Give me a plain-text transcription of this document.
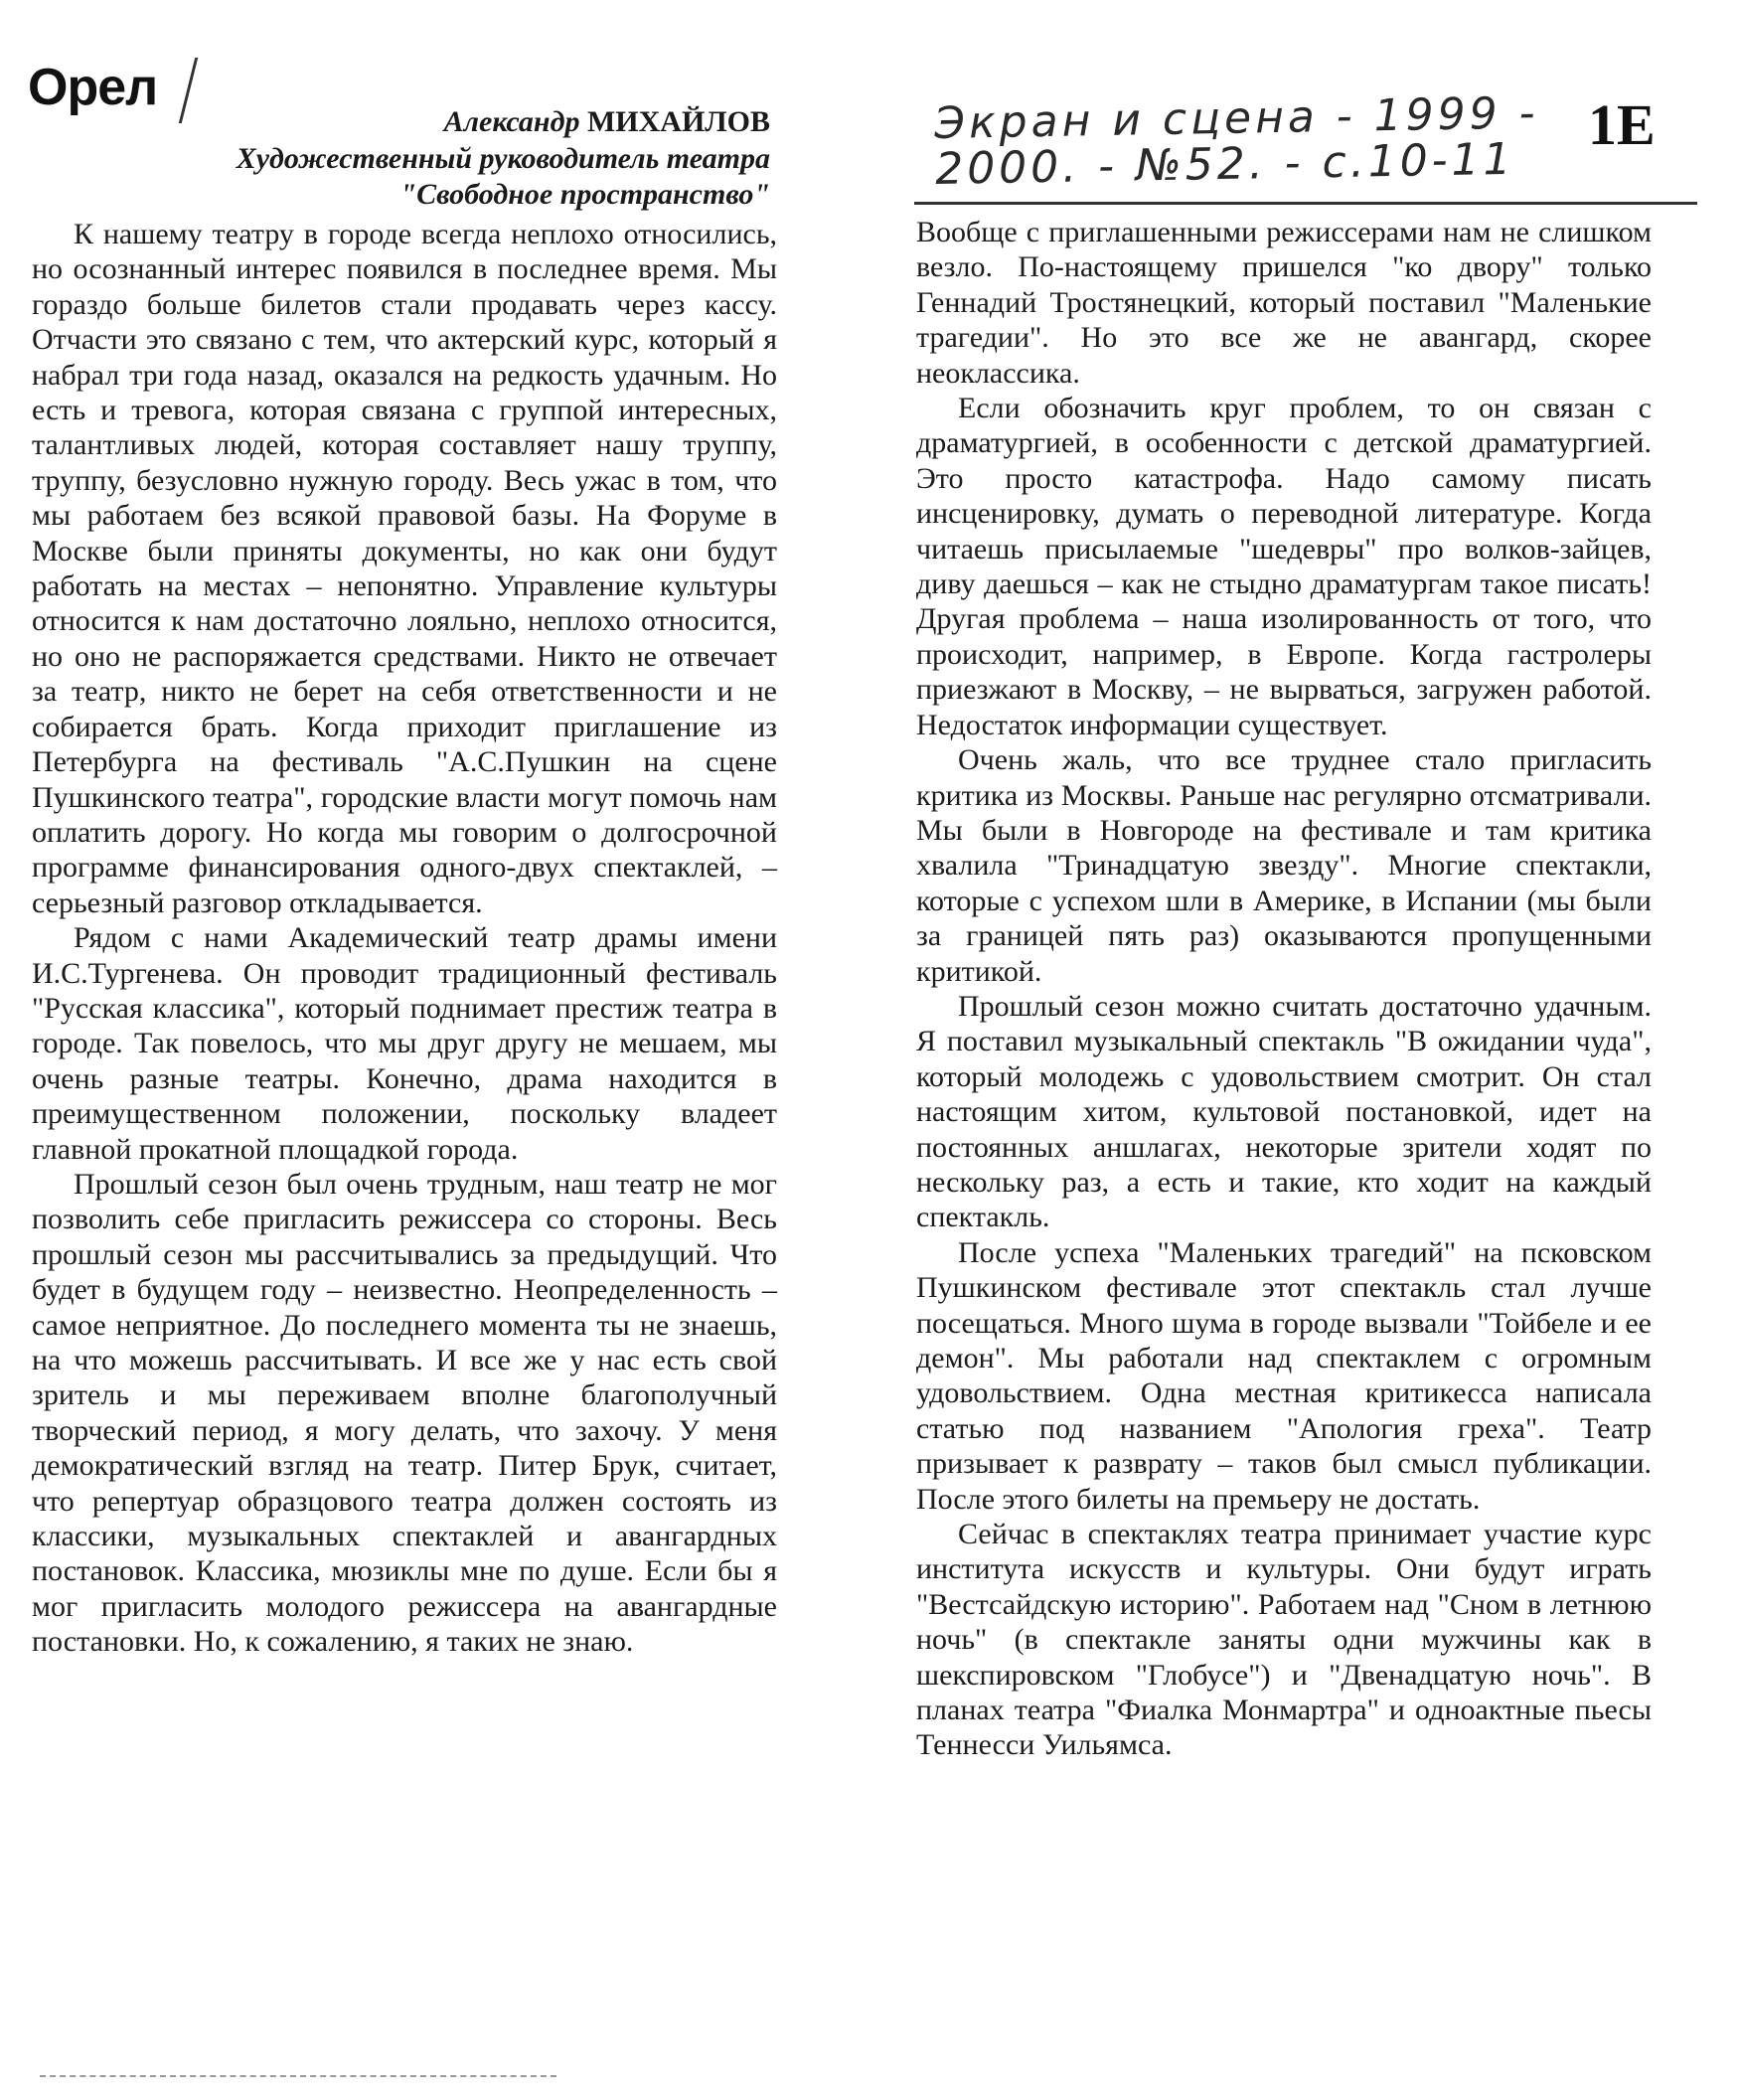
Орел
Александр МИХАЙЛОВ
Художественный руководитель театра
"Свободное пространство"
Экран и сцена - 1999 -
2000. - №52. - с.10-11
1Е

К нашему театру в городе всегда неплохо относились, но осознанный интерес появился в последнее время. Мы гораздо больше билетов стали продавать через кассу. Отчасти это связано с тем, что актерский курс, который я набрал три года назад, оказался на редкость удачным. Но есть и тревога, которая связана с группой интересных, талантливых людей, которая составляет нашу труппу, труппу, безусловно нужную городу. Весь ужас в том, что мы работаем без всякой правовой базы. На Форуме в Москве были приняты документы, но как они будут работать на местах – непонятно. Управление культуры относится к нам достаточно лояльно, неплохо относится, но оно не распоряжается средствами. Никто не отвечает за театр, никто не берет на себя ответственности и не собирается брать. Когда приходит приглашение из Петербурга на фестиваль "А.С.Пушкин на сцене Пушкинского театра", городские власти могут помочь нам оплатить дорогу. Но когда мы говорим о долгосрочной программе финансирования одного-двух спектаклей, – серьезный разговор откладывается.

Рядом с нами Академический театр драмы имени И.С.Тургенева. Он проводит традиционный фестиваль "Русская классика", который поднимает престиж театра в городе. Так повелось, что мы друг другу не мешаем, мы очень разные театры. Конечно, драма находится в преимущественном положении, поскольку владеет главной прокатной площадкой города.

Прошлый сезон был очень трудным, наш театр не мог позволить себе пригласить режиссера со стороны. Весь прошлый сезон мы рассчитывались за предыдущий. Что будет в будущем году – неизвестно. Неопределенность – самое неприятное. До последнего момента ты не знаешь, на что можешь рассчитывать. И все же у нас есть свой зритель и мы переживаем вполне благополучный творческий период, я могу делать, что захочу. У меня демократический взгляд на театр. Питер Брук, считает, что репертуар образцового театра должен состоять из классики, музыкальных спектаклей и авангардных постановок. Классика, мюзиклы мне по душе. Если бы я мог пригласить молодого режиссера на авангардные постановки. Но, к сожалению, я таких не знаю.

Вообще с приглашенными режиссерами нам не слишком везло. По-настоящему пришелся "ко двору" только Геннадий Тростянецкий, который поставил "Маленькие трагедии". Но это все же не авангард, скорее неоклассика.

Если обозначить круг проблем, то он связан с драматургией, в особенности с детской драматургией. Это просто катастрофа. Надо самому писать инсценировку, думать о переводной литературе. Когда читаешь присылаемые "шедевры" про волков-зайцев, диву даешься – как не стыдно драматургам такое писать! Другая проблема – наша изолированность от того, что происходит, например, в Европе. Когда гастролеры приезжают в Москву, – не вырваться, загружен работой. Недостаток информации существует.

Очень жаль, что все труднее стало пригласить критика из Москвы. Раньше нас регулярно отсматривали. Мы были в Новгороде на фестивале и там критика хвалила "Тринадцатую звезду". Многие спектакли, которые с успехом шли в Америке, в Испании (мы были за границей пять раз) оказываются пропущенными критикой.

Прошлый сезон можно считать достаточно удачным. Я поставил музыкальный спектакль "В ожидании чуда", который молодежь с удовольствием смотрит. Он стал настоящим хитом, культовой постановкой, идет на постоянных аншлагах, некоторые зрители ходят по нескольку раз, а есть и такие, кто ходит на каждый спектакль.

После успеха "Маленьких трагедий" на псковском Пушкинском фестивале этот спектакль стал лучше посещаться. Много шума в городе вызвали "Тойбеле и ее демон". Мы работали над спектаклем с огромным удовольствием. Одна местная критикесса написала статью под названием "Апология греха". Театр призывает к разврату – таков был смысл публикации. После этого билеты на премьеру не достать.

Сейчас в спектаклях театра принимает участие курс института искусств и культуры. Они будут играть "Вестсайдскую историю". Работаем над "Сном в летнюю ночь" (в спектакле заняты одни мужчины как в шекспировском "Глобусе") и "Двенадцатую ночь". В планах театра "Фиалка Монмартра" и одноактные пьесы Теннесси Уильямса.
